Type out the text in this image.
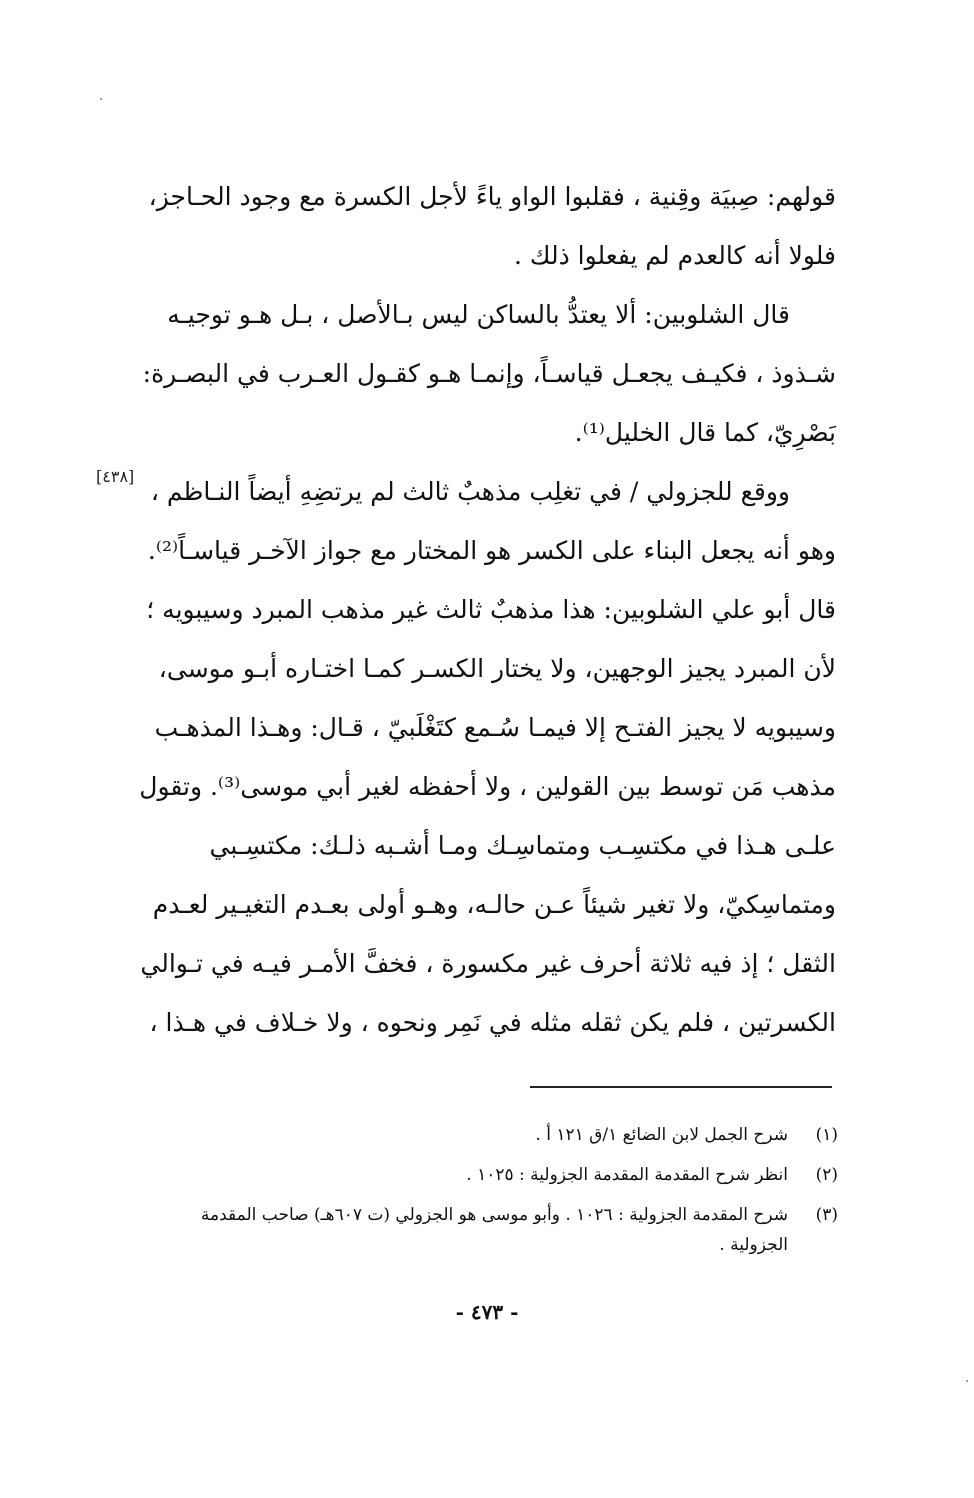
قولهم: صِبيَة وقِنية ، فقلبوا الواو ياءً لأجل الكسرة مع وجود الحـاجز،
فلولا أنه كالعدم لم يفعلوا ذلك .
قال الشلوبين: ألا يعتدُّ بالساكن ليس بـالأصل ، بـل هـو توجيـه
شـذوذ ، فكيـف يجعـل قياسـاً، وإنمـا هـو كقـول العـرب في البصـرة:
بَصْرِيّ، كما قال الخليل⁽¹⁾.
ووقع للجزولي / في تغلِب مذهبٌ ثالث لم يرتضِهِ أيضاً النـاظم ،
وهو أنه يجعل البناء على الكسر هو المختار مع جواز الآخـر قياسـاً⁽²⁾.
قال أبو علي الشلوبين: هذا مذهبٌ ثالث غير مذهب المبرد وسيبويه ؛
لأن المبرد يجيز الوجهين، ولا يختار الكسـر كمـا اختـاره أبـو موسى،
وسيبويه لا يجيز الفتـح إلا فيمـا سُـمع كتَغْلَبيّ ، قـال: وهـذا المذهـب
مذهب مَن توسط بين القولين ، ولا أحفظه لغير أبي موسى⁽³⁾. وتقول
علـى هـذا في مكتسِـب ومتماسِـك ومـا أشـبه ذلـك: مكتسِـبي
ومتماسِكيّ، ولا تغير شيئاً عـن حالـه، وهـو أولى بعـدم التغيـير لعـدم
الثقل ؛ إذ فيه ثلاثة أحرف غير مكسورة ، فخفَّ الأمـر فيـه في تـوالي
الكسرتين ، فلم يكن ثقله مثله في نَمِر ونحوه ، ولا خـلاف في هـذا ،
[٤٣٨]
(١)
شرح الجمل لابن الضائع ١/ق ١٢١ أ .
(٢)
انظر شرح المقدمة المقدمة الجزولية : ١٠٢٥ .
(٣)
شرح المقدمة الجزولية : ١٠٢٦ . وأبو موسى هو الجزولي (ت ٦٠٧هـ) صاحب المقدمة الجزولية .
- ٤٧٣ -
